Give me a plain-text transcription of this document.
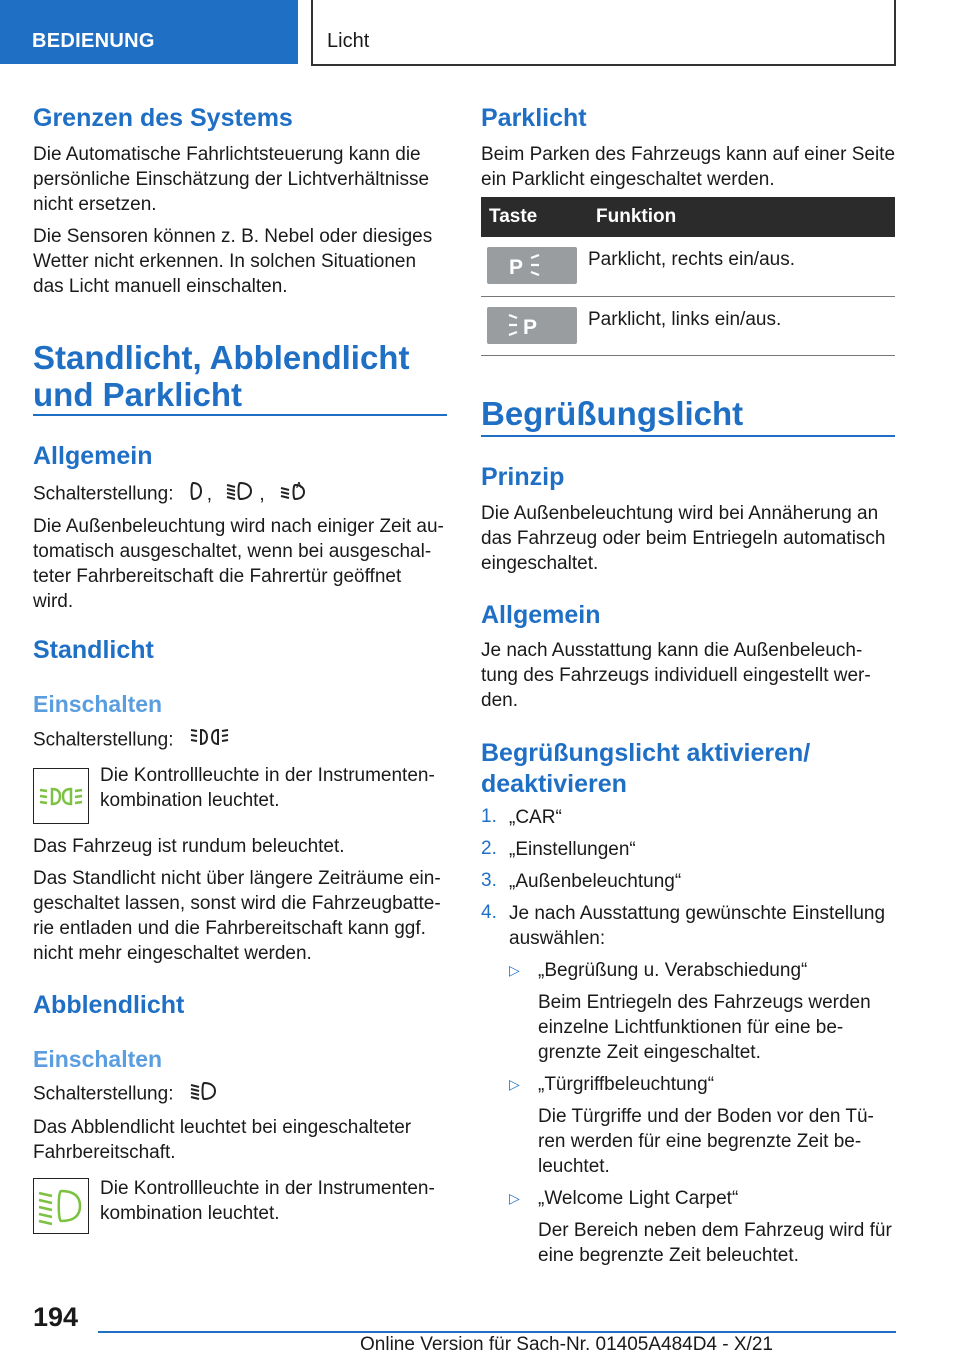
BEDIENUNG	Licht
Grenzen des Systems
Die Automatische Fahrlichtsteuerung kann die
persönliche Einschätzung der Lichtverhältnisse
nicht ersetzen.
Die Sensoren können z. B. Nebel oder diesiges
Wetter nicht erkennen. In solchen Situationen
das Licht manuell einschalten.
Standlicht, Abblendlicht
und Parklicht
Allgemein
Schalterstellung: , ,	A
Die Außenbeleuchtung wird nach einiger Zeit au-
tomatisch ausgeschaltet, wenn bei ausgeschal-
teter Fahrbereitschaft die Fahrertür geöffnet
wird.
Standlicht
Einschalten
Schalterstellung:
Die Kontrollleuchte in der Instrumenten-
kombination leuchtet.
Das Fahrzeug ist rundum beleuchtet.
Das Standlicht nicht über längere Zeiträume ein-
geschaltet lassen, sonst wird die Fahrzeugbatte-
rie entladen und die Fahrbereitschaft kann ggf.
nicht mehr eingeschaltet werden.
Abblendlicht
Einschalten
Schalterstellung:
Das Abblendlicht leuchtet bei eingeschalteter
Fahrbereitschaft.
Die Kontrollleuchte in der Instrumenten-
kombination leuchtet.
Parklicht
Beim Parken des Fahrzeugs kann auf einer Seite
ein Parklicht eingeschaltet werden.
Taste	Funktion

P	Parklicht, rechts ein/aus.

P	Parklicht, links ein/aus.
Begrüßungslicht
Prinzip
Die Außenbeleuchtung wird bei Annäherung an
das Fahrzeug oder beim Entriegeln automatisch
eingeschaltet.
Allgemein
Je nach Ausstattung kann die Außenbeleuch-
tung des Fahrzeugs individuell eingestellt wer-
den.
Begrüßungslicht aktivieren/
deaktivieren
1. „CAR“
2. „Einstellungen“
3. „Außenbeleuchtung“
4. Je nach Ausstattung gewünschte Einstellung
auswählen:
▷ „Begrüßung u. Verabschiedung“
Beim Entriegeln des Fahrzeugs werden
einzelne Lichtfunktionen für eine be-
grenzte Zeit eingeschaltet.
▷ „Türgriffbeleuchtung“
Die Türgriffe und der Boden vor den Tü-
ren werden für eine begrenzte Zeit be-
leuchtet.
▷ „Welcome Light Carpet“
Der Bereich neben dem Fahrzeug wird für
eine begrenzte Zeit beleuchtet.
194
Online Version für Sach-Nr. 01405A484D4 - X/21
